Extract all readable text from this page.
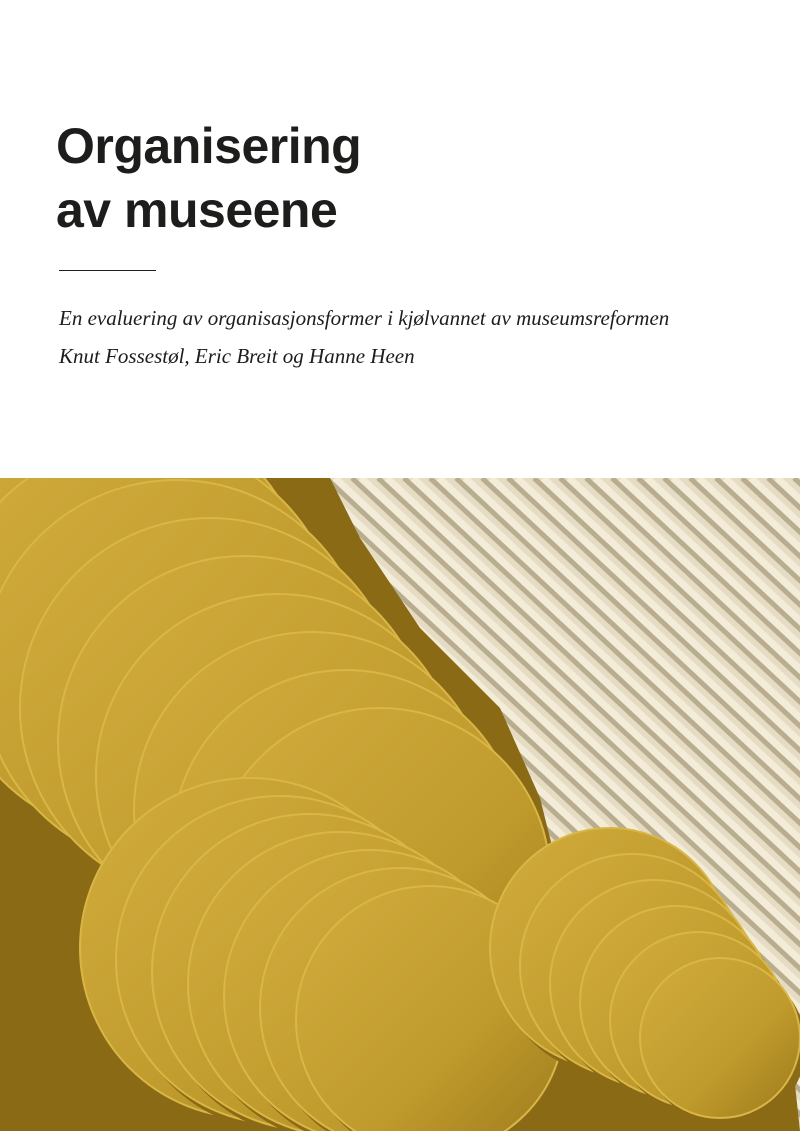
Organisering
av museene

En evaluering av organisasjonsformer i kjølvannet av museumsreformen

Knut Fossestøl, Eric Breit og Hanne Heen
